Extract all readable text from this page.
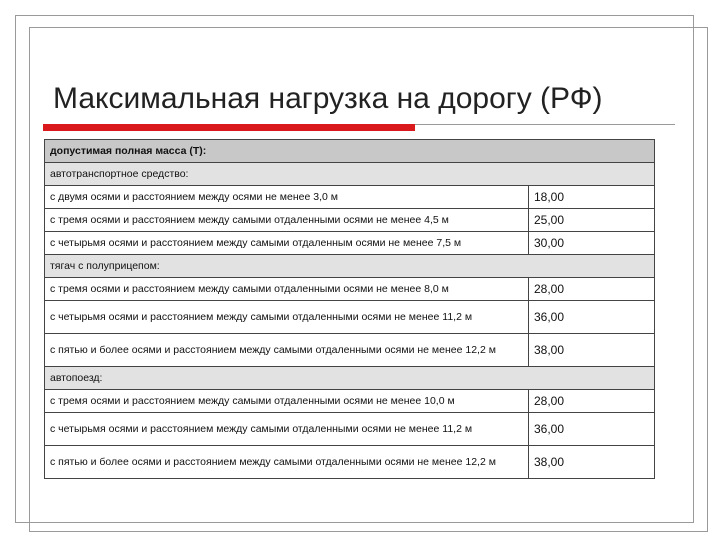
Максимальная нагрузка на дорогу (РФ)
допустимая полная масса (Т):	
автотранспортное средство:	
с двумя осями и расстоянием между осями не менее 3,0 м	18,00
с тремя осями и расстоянием между самыми отдаленными осями не менее 4,5 м	25,00
с четырьмя осями и расстоянием между самыми отдаленным осями не менее 7,5 м	30,00
тягач с полуприцепом:	
с тремя осями и расстоянием между самыми отдаленными осями не менее 8,0 м	28,00
с четырьмя осями и расстоянием между самыми отдаленными осями не менее 11,2 м	36,00
с пятью и более осями и расстоянием между самыми отдаленными осями не менее 12,2 м	38,00
автопоезд:	
с тремя осями и расстоянием между самыми отдаленными осями не менее 10,0 м	28,00
с четырьмя осями и расстоянием между самыми отдаленными осями не менее 11,2 м	36,00
с пятью и более осями и расстоянием между самыми отдаленными осями не менее 12,2 м	38,00
